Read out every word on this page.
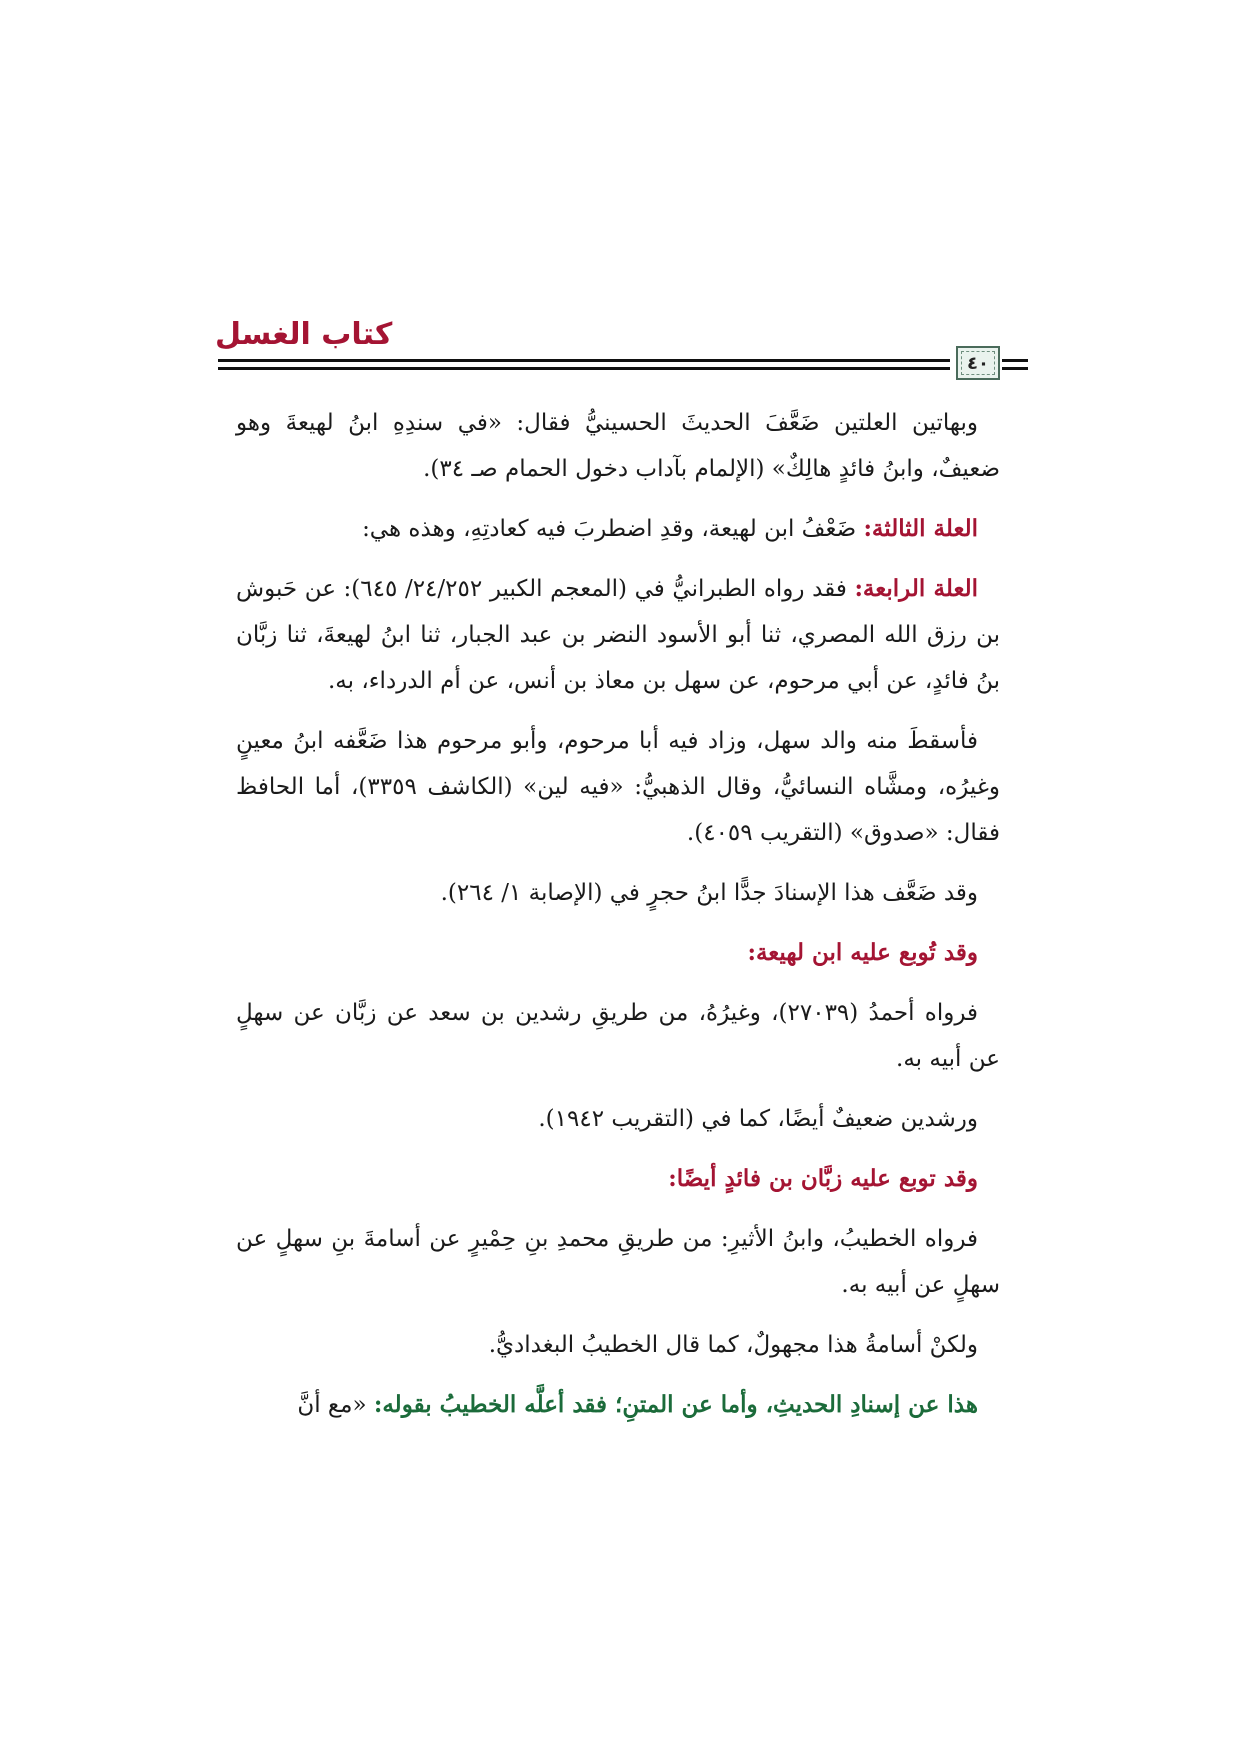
كتاب الغسل
٤٠

وبهاتين العلتين ضَعَّفَ الحديثَ الحسينيُّ فقال: «في سندِهِ ابنُ لهيعةَ وهو ضعيفٌ، وابنُ فائدٍ هالِكٌ» (الإلمام بآداب دخول الحمام صـ ٣٤).

العلة الثالثة: ضَعْفُ ابن لهيعة، وقدِ اضطربَ فيه كعادتِهِ، وهذه هي:

العلة الرابعة: فقد رواه الطبرانيُّ في (المعجم الكبير ٢٤/٢٥٢/ ٦٤٥): عن حَبوش بن رزق الله المصري، ثنا أبو الأسود النضر بن عبد الجبار، ثنا ابنُ لهيعةَ، ثنا زبَّان بنُ فائدٍ، عن أبي مرحوم، عن سهل بن معاذ بن أنس، عن أم الدرداء، به.

فأسقطَ منه والد سهل، وزاد فيه أبا مرحوم، وأبو مرحوم هذا ضَعَّفه ابنُ معينٍ وغيرُه، ومشَّاه النسائيُّ، وقال الذهبيُّ: «فيه لين» (الكاشف ٣٣٥٩)، أما الحافظ فقال: «صدوق» (التقريب ٤٠٥٩).

وقد ضَعَّف هذا الإسنادَ جدًّا ابنُ حجرٍ في (الإصابة ١/ ٢٦٤).

وقد تُوبع عليه ابن لهيعة:

فرواه أحمدُ (٢٧٠٣٩)، وغيرُهُ، من طريقِ رشدين بن سعد عن زبَّان عن سهلٍ عن أبيه به.

ورشدين ضعيفٌ أيضًا، كما في (التقريب ١٩٤٢).

وقد توبع عليه زبَّان بن فائدٍ أيضًا:

فرواه الخطيبُ، وابنُ الأثيرِ: من طريقِ محمدِ بنِ حِمْيرٍ عن أسامةَ بنِ سهلٍ عن سهلٍ عن أبيه به.

ولكنْ أسامةُ هذا مجهولٌ، كما قال الخطيبُ البغداديُّ.

هذا عن إسنادِ الحديثِ، وأما عن المتنِ؛ فقد أعلَّه الخطيبُ بقوله: «مع أنَّ
